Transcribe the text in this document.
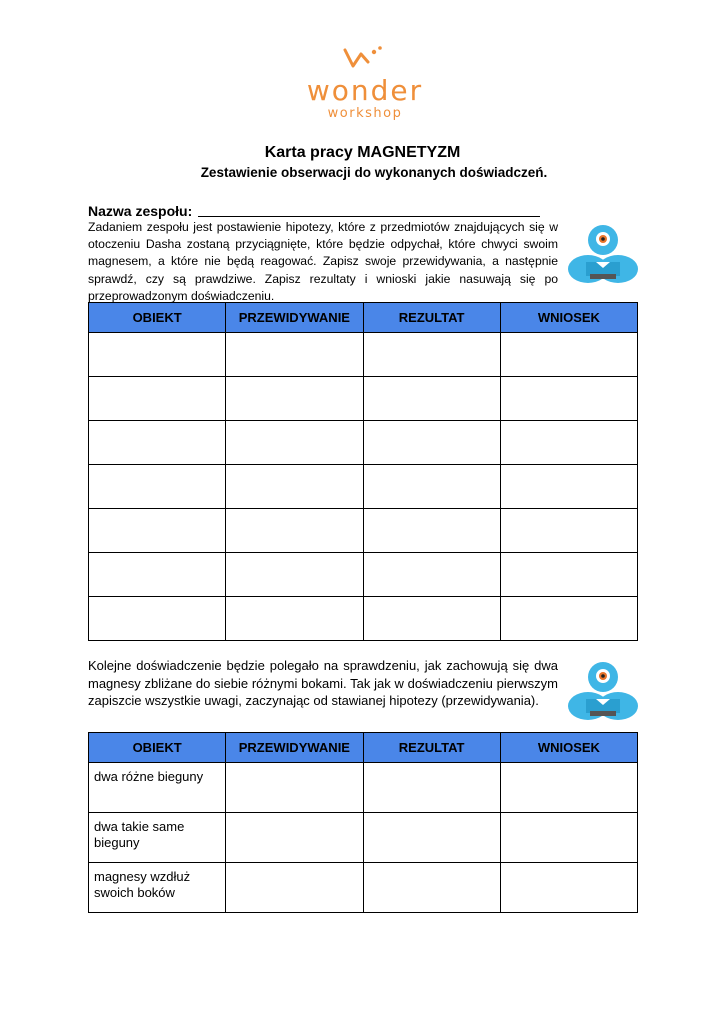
wonder
workshop
Karta pracy MAGNETYZM
Zestawienie obserwacji do wykonanych doświadczeń.
Nazwa zespołu:
Zadaniem zespołu jest postawienie hipotezy, które z przedmiotów znajdujących się w otoczeniu Dasha zostaną przyciągnięte, które będzie odpychał, które chwyci swoim magnesem, a które nie będą reagować. Zapisz swoje przewidywania, a następnie sprawdź, czy są prawdziwe. Zapisz rezultaty i wnioski jakie nasuwają się po przeprowadzonym doświadczeniu.
OBIEKT	PRZEWIDYWANIE	REZULTAT	WNIOSEK

Kolejne doświadczenie będzie polegało na sprawdzeniu, jak zachowują się dwa magnesy zbliżane do siebie różnymi bokami. Tak jak w doświadczeniu pierwszym zapiszcie wszystkie uwagi, zaczynając od stawianej hipotezy (przewidywania).
OBIEKT	PRZEWIDYWANIE	REZULTAT	WNIOSEK
dwa różne bieguny			
dwa takie same bieguny			
magnesy wzdłuż swoich boków			
